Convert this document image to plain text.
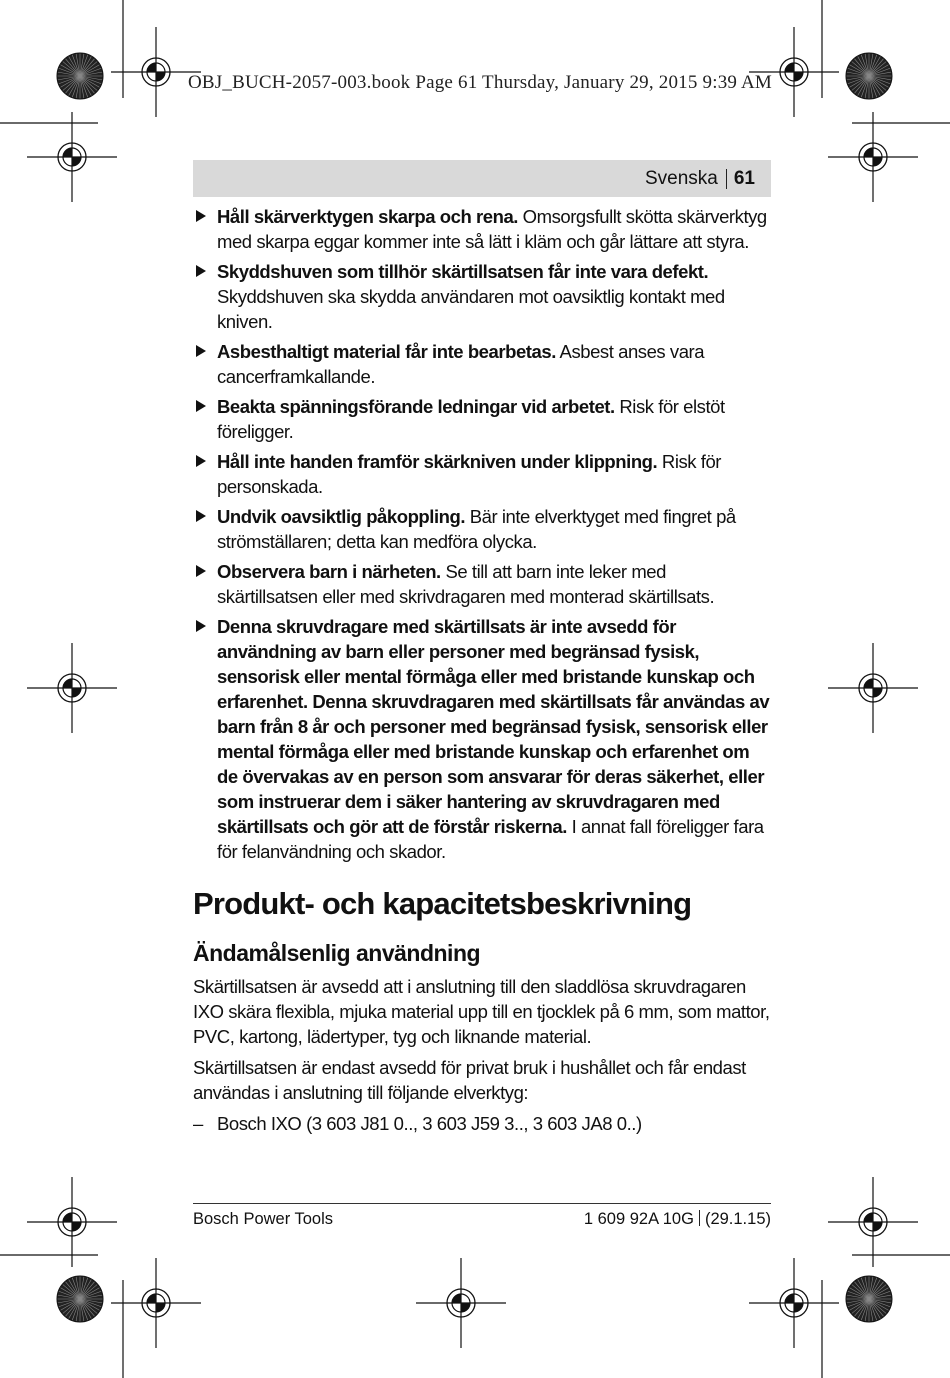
OBJ_BUCH-2057-003.book Page 61 Thursday, January 29, 2015 9:39 AM
Svenska 61
Håll skärverktygen skarpa och rena. Omsorgsfullt skötta skärverktyg med skarpa eggar kommer inte så lätt i kläm och går lättare att styra.
Skyddshuven som tillhör skärtillsatsen får inte vara defekt. Skyddshuven ska skydda användaren mot oavsiktlig kontakt med kniven.
Asbesthaltigt material får inte bearbetas. Asbest anses vara cancerframkallande.
Beakta spänningsförande ledningar vid arbetet. Risk för elstöt föreligger.
Håll inte handen framför skärkniven under klippning. Risk för personskada.
Undvik oavsiktlig påkoppling. Bär inte elverktyget med fingret på strömställaren; detta kan medföra olycka.
Observera barn i närheten. Se till att barn inte leker med skärtillsatsen eller med skrivdragaren med monterad skärtillsats.
Denna skruvdragare med skärtillsats är inte avsedd för användning av barn eller personer med begränsad fysisk, sensorisk eller mental förmåga eller med bristande kunskap och erfarenhet. Denna skruvdragaren med skärtillsats får användas av barn från 8 år och personer med begränsad fysisk, sensorisk eller mental förmåga eller med bristande kunskap och erfarenhet om de övervakas av en person som ansvarar för deras säkerhet, eller som instruerar dem i säker hantering av skruvdragaren med skärtillsats och gör att de förstår riskerna. I annat fall föreligger fara för felanvändning och skador.
Produkt- och kapacitetsbeskrivning
Ändamålsenlig användning

Skärtillsatsen är avsedd att i anslutning till den sladdlösa skruvdragaren IXO skära flexibla, mjuka material upp till en tjocklek på 6 mm, som mattor, PVC, kartong, lädertyper, tyg och liknande material.

Skärtillsatsen är endast avsedd för privat bruk i hushållet och får endast användas i anslutning till följande elverktyg:

– Bosch IXO (3 603 J81 0.., 3 603 J59 3.., 3 603 JA8 0..)
Bosch Power Tools	1 609 92A 10G (29.1.15)
